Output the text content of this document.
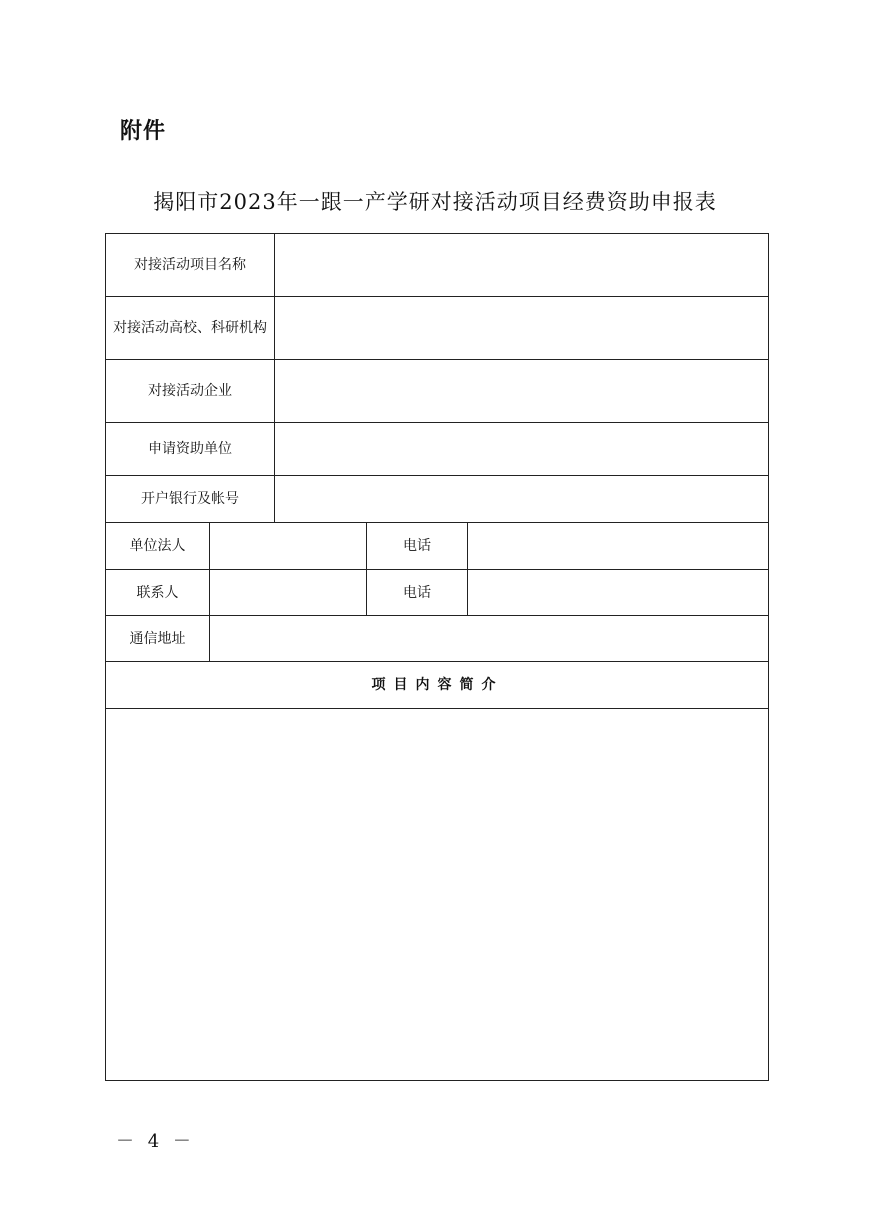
附件
揭阳市2023年一跟一产学研对接活动项目经费资助申报表
对接活动项目名称
对接活动高校、科研机构
对接活动企业
申请资助单位
开户银行及帐号
单位法人	电话
联系人	电话
通信地址
项目内容简介
－ 4 －
